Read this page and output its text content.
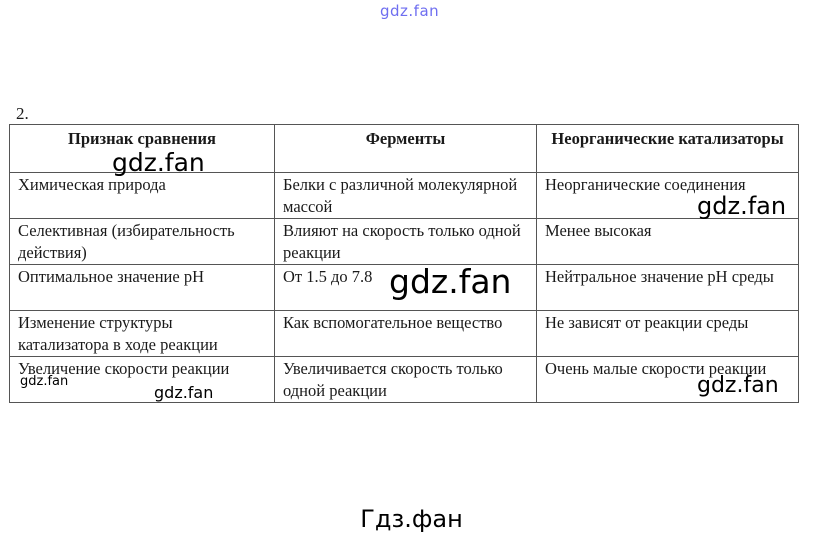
gdz.fan
2.
Признак сравнения	Ферменты	Неорганические катализаторы
Химическая природа	Белки с различной молекулярной массой	Неорганические соединения
Селективная (избирательность действия)	Влияют на скорость только одной реакции	Менее высокая
Оптимальное значение pH	От 1.5 до 7.8	Нейтральное значение pH среды
Изменение структуры катализатора в ходе реакции	Как вспомогательное вещество	Не зависят от реакции среды
Увеличение скорости реакции	Увеличивается скорость только одной реакции	Очень малые скорости реакции
gdz.fan
gdz.fan
gdz.fan
gdz.fan
gdz.fan
gdz.fan
Гдз.фан
